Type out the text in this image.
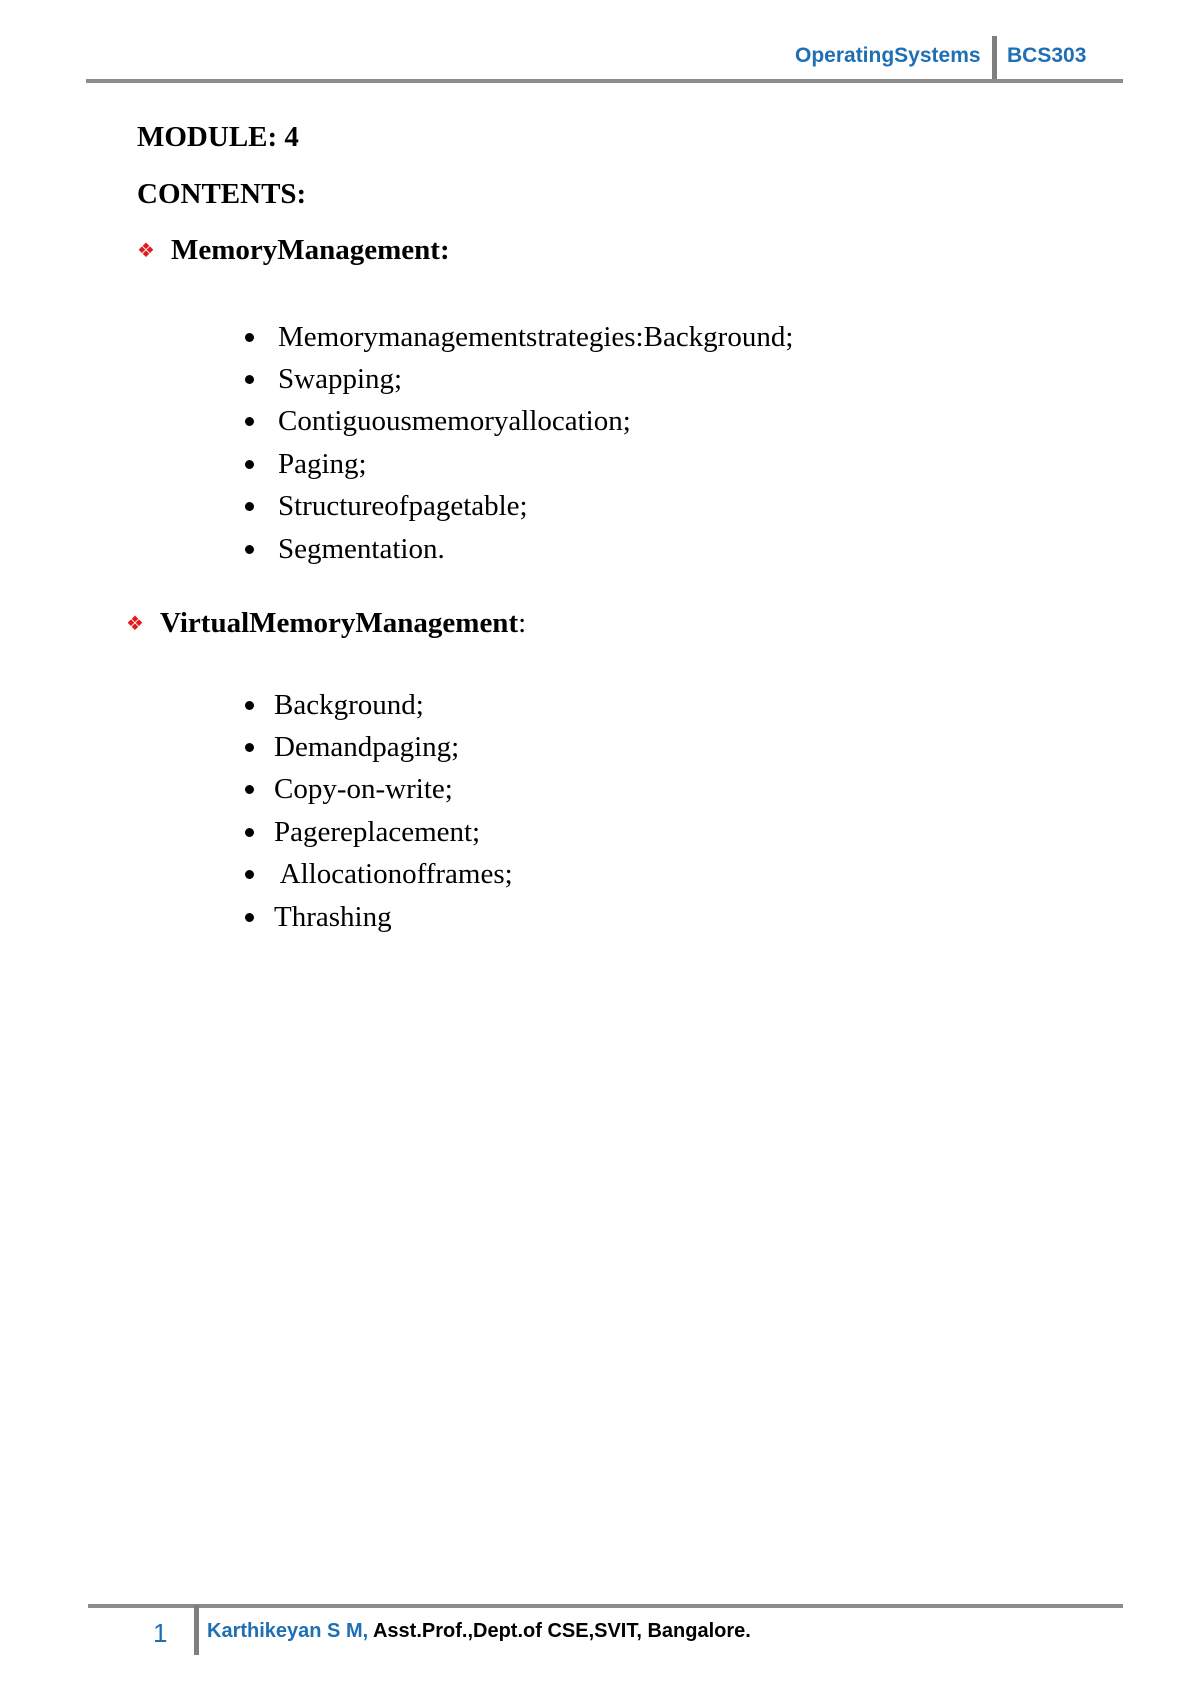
OperatingSystems BCS303
MODULE: 4
CONTENTS:
❖ MemoryManagement:
Memorymanagementstrategies:Background;
Swapping;
Contiguousmemoryallocation;
Paging;
Structureofpagetable;
Segmentation.
❖ VirtualMemoryManagement :
Background;
Demandpaging;
Copy-on-write;
Pagereplacement;
Allocationofframes;
Thrashing
1 Karthikeyan S M, Asst.Prof.,Dept.of CSE,SVIT, Bangalore.
